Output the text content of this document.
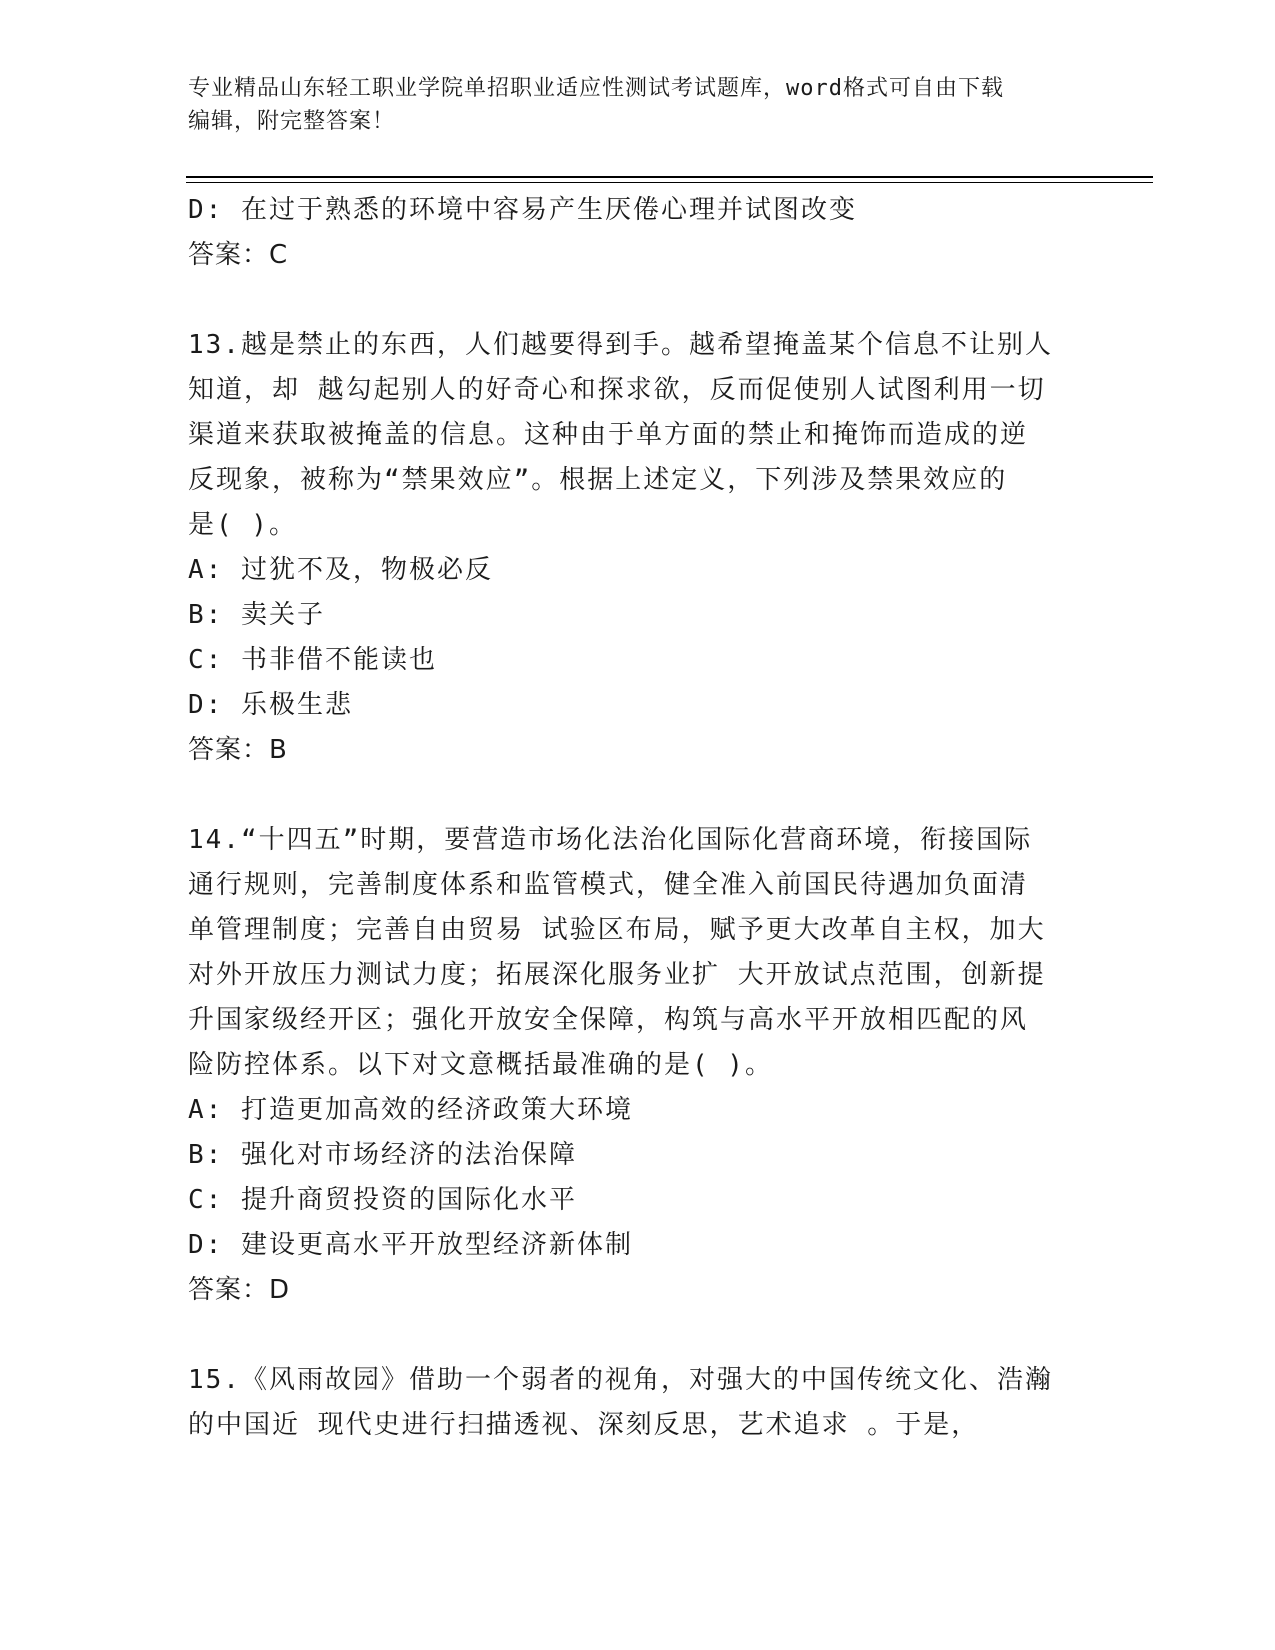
专业精品山东轻工职业学院单招职业适应性测试考试题库，word格式可自由下载
编辑，附完整答案！
D: 在过于熟悉的环境中容易产生厌倦心理并试图改变
答案：C
13.越是禁止的东西，人们越要得到手。越希望掩盖某个信息不让别人
知道，却 越勾起别人的好奇心和探求欲，反而促使别人试图利用一切
渠道来获取被掩盖的信息。这种由于单方面的禁止和掩饰而造成的逆
反现象，被称为“禁果效应”。根据上述定义，下列涉及禁果效应的
是( )。
A: 过犹不及，物极必反
B: 卖关子
C: 书非借不能读也
D: 乐极生悲
答案：B
14.“十四五”时期，要营造市场化法治化国际化营商环境，衔接国际
通行规则，完善制度体系和监管模式，健全准入前国民待遇加负面清
单管理制度；完善自由贸易 试验区布局，赋予更大改革自主权，加大
对外开放压力测试力度；拓展深化服务业扩 大开放试点范围，创新提
升国家级经开区；强化开放安全保障，构筑与高水平开放相匹配的风
险防控体系。以下对文意概括最准确的是( )。
A: 打造更加高效的经济政策大环境
B: 强化对市场经济的法治保障
C: 提升商贸投资的国际化水平
D: 建设更高水平开放型经济新体制
答案：D
15.《风雨故园》借助一个弱者的视角，对强大的中国传统文化、浩瀚
的中国近 现代史进行扫描透视、深刻反思，艺术追求 。于是，
